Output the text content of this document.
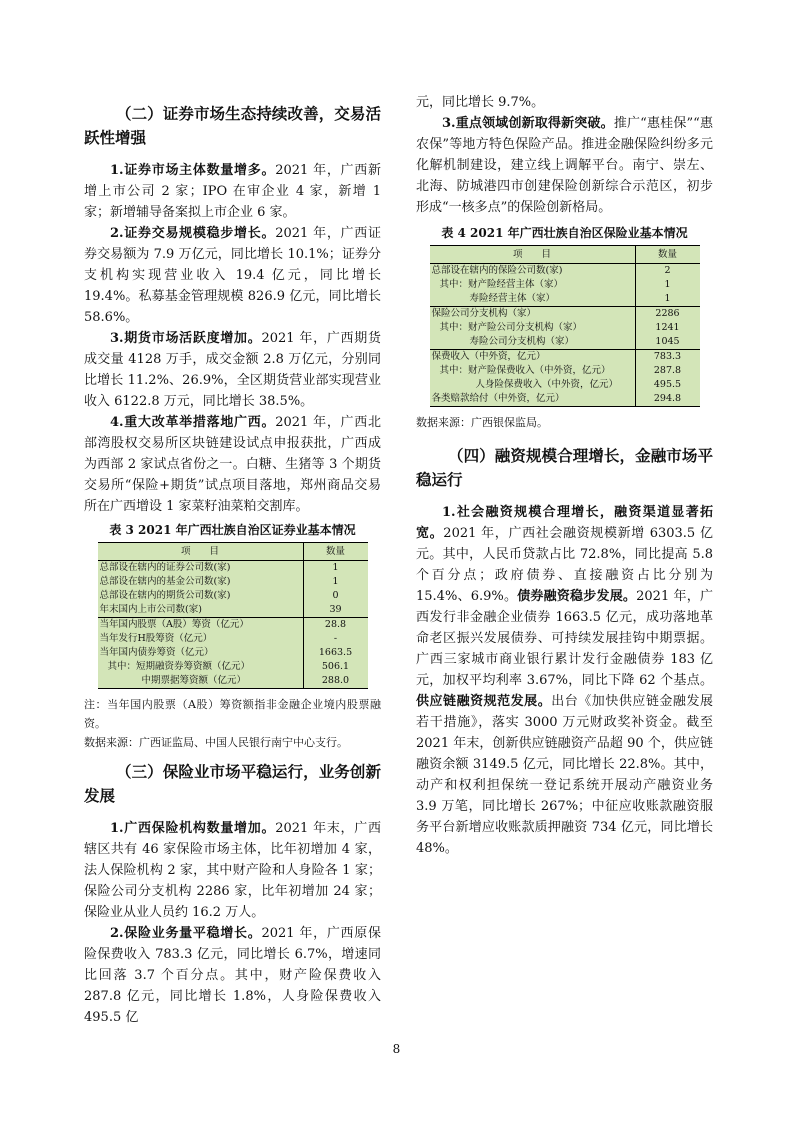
（二）证券市场生态持续改善，交易活跃性增强

1.证券市场主体数量增多。2021 年，广西新增上市公司 2 家；IPO 在审企业 4 家，新增 1 家；新增辅导备案拟上市企业 6 家。

2.证券交易规模稳步增长。2021 年，广西证券交易额为 7.9 万亿元，同比增长 10.1%；证券分支机构实现营业收入 19.4 亿元，同比增长19.4%。私募基金管理规模 826.9 亿元，同比增长58.6%。

3.期货市场活跃度增加。2021 年，广西期货成交量 4128 万手，成交金额 2.8 万亿元，分别同比增长 11.2%、26.9%，全区期货营业部实现营业收入 6122.8 万元，同比增长 38.5%。

4.重大改革举措落地广西。2021 年，广西北部湾股权交易所区块链建设试点申报获批，广西成为西部 2 家试点省份之一。白糖、生猪等 3 个期货交易所“保险+期货”试点项目落地，郑州商品交易所在广西增设 1 家菜籽油菜粕交割库。

表 3 2021 年广西壮族自治区证券业基本情况

项　　目	数量
总部设在辖内的证券公司数(家)	1
总部设在辖内的基金公司数(家)	1
总部设在辖内的期货公司数(家)	0
年末国内上市公司数(家)	39
当年国内股票（A股）筹资（亿元）	28.8
当年发行H股筹资（亿元）	-
当年国内债券筹资（亿元）	1663.5
其中：短期融资券筹资额（亿元）	506.1
中期票据筹资额（亿元）	288.0

注：当年国内股票（A股）筹资额指非金融企业境内股票融资。

数据来源：广西证监局、中国人民银行南宁中心支行。

（三）保险业市场平稳运行，业务创新发展

1.广西保险机构数量增加。2021 年末，广西辖区共有 46 家保险市场主体，比年初增加 4 家，法人保险机构 2 家，其中财产险和人身险各 1 家；保险公司分支机构 2286 家，比年初增加 24 家；保险业从业人员约 16.2 万人。

2.保险业务量平稳增长。2021 年，广西原保险保费收入 783.3 亿元，同比增长 6.7%，增速同比回落 3.7 个百分点。其中，财产险保费收入 287.8 亿元，同比增长 1.8%，人身险保费收入 495.5 亿

元，同比增长 9.7%。

3.重点领域创新取得新突破。推广“惠桂保”“惠农保”等地方特色保险产品。推进金融保险纠纷多元化解机制建设，建立线上调解平台。南宁、崇左、北海、防城港四市创建保险创新综合示范区，初步形成“一核多点”的保险创新格局。

表 4 2021 年广西壮族自治区保险业基本情况

项　　目	数量
总部设在辖内的保险公司数(家)	2
其中：财产险经营主体（家）	1
寿险经营主体（家）	1
保险公司分支机构（家）	2286
其中：财产险公司分支机构（家）	1241
寿险公司分支机构（家）	1045
保费收入（中外资，亿元）	783.3
其中：财产险保费收入（中外资，亿元）	287.8
人身险保费收入（中外资，亿元）	495.5
各类赔款给付（中外资，亿元）	294.8

数据来源：广西银保监局。

（四）融资规模合理增长，金融市场平稳运行

1.社会融资规模合理增长，融资渠道显著拓宽。2021 年，广西社会融资规模新增 6303.5 亿元。其中，人民币贷款占比 72.8%，同比提高 5.8 个百分点；政府债券、直接融资占比分别为15.4%、6.9%。债券融资稳步发展。2021 年，广西发行非金融企业债券 1663.5 亿元，成功落地革命老区振兴发展债券、可持续发展挂钩中期票据。广西三家城市商业银行累计发行金融债券 183 亿元，加权平均利率 3.67%，同比下降 62 个基点。供应链融资规范发展。出台《加快供应链金融发展若干措施》，落实 3000 万元财政奖补资金。截至 2021 年末，创新供应链融资产品超 90 个，供应链融资余额 3149.5 亿元，同比增长 22.8%。其中，动产和权利担保统一登记系统开展动产融资业务 3.9 万笔，同比增长 267%；中征应收账款融资服务平台新增应收账款质押融资 734 亿元，同比增长 48%。

8
